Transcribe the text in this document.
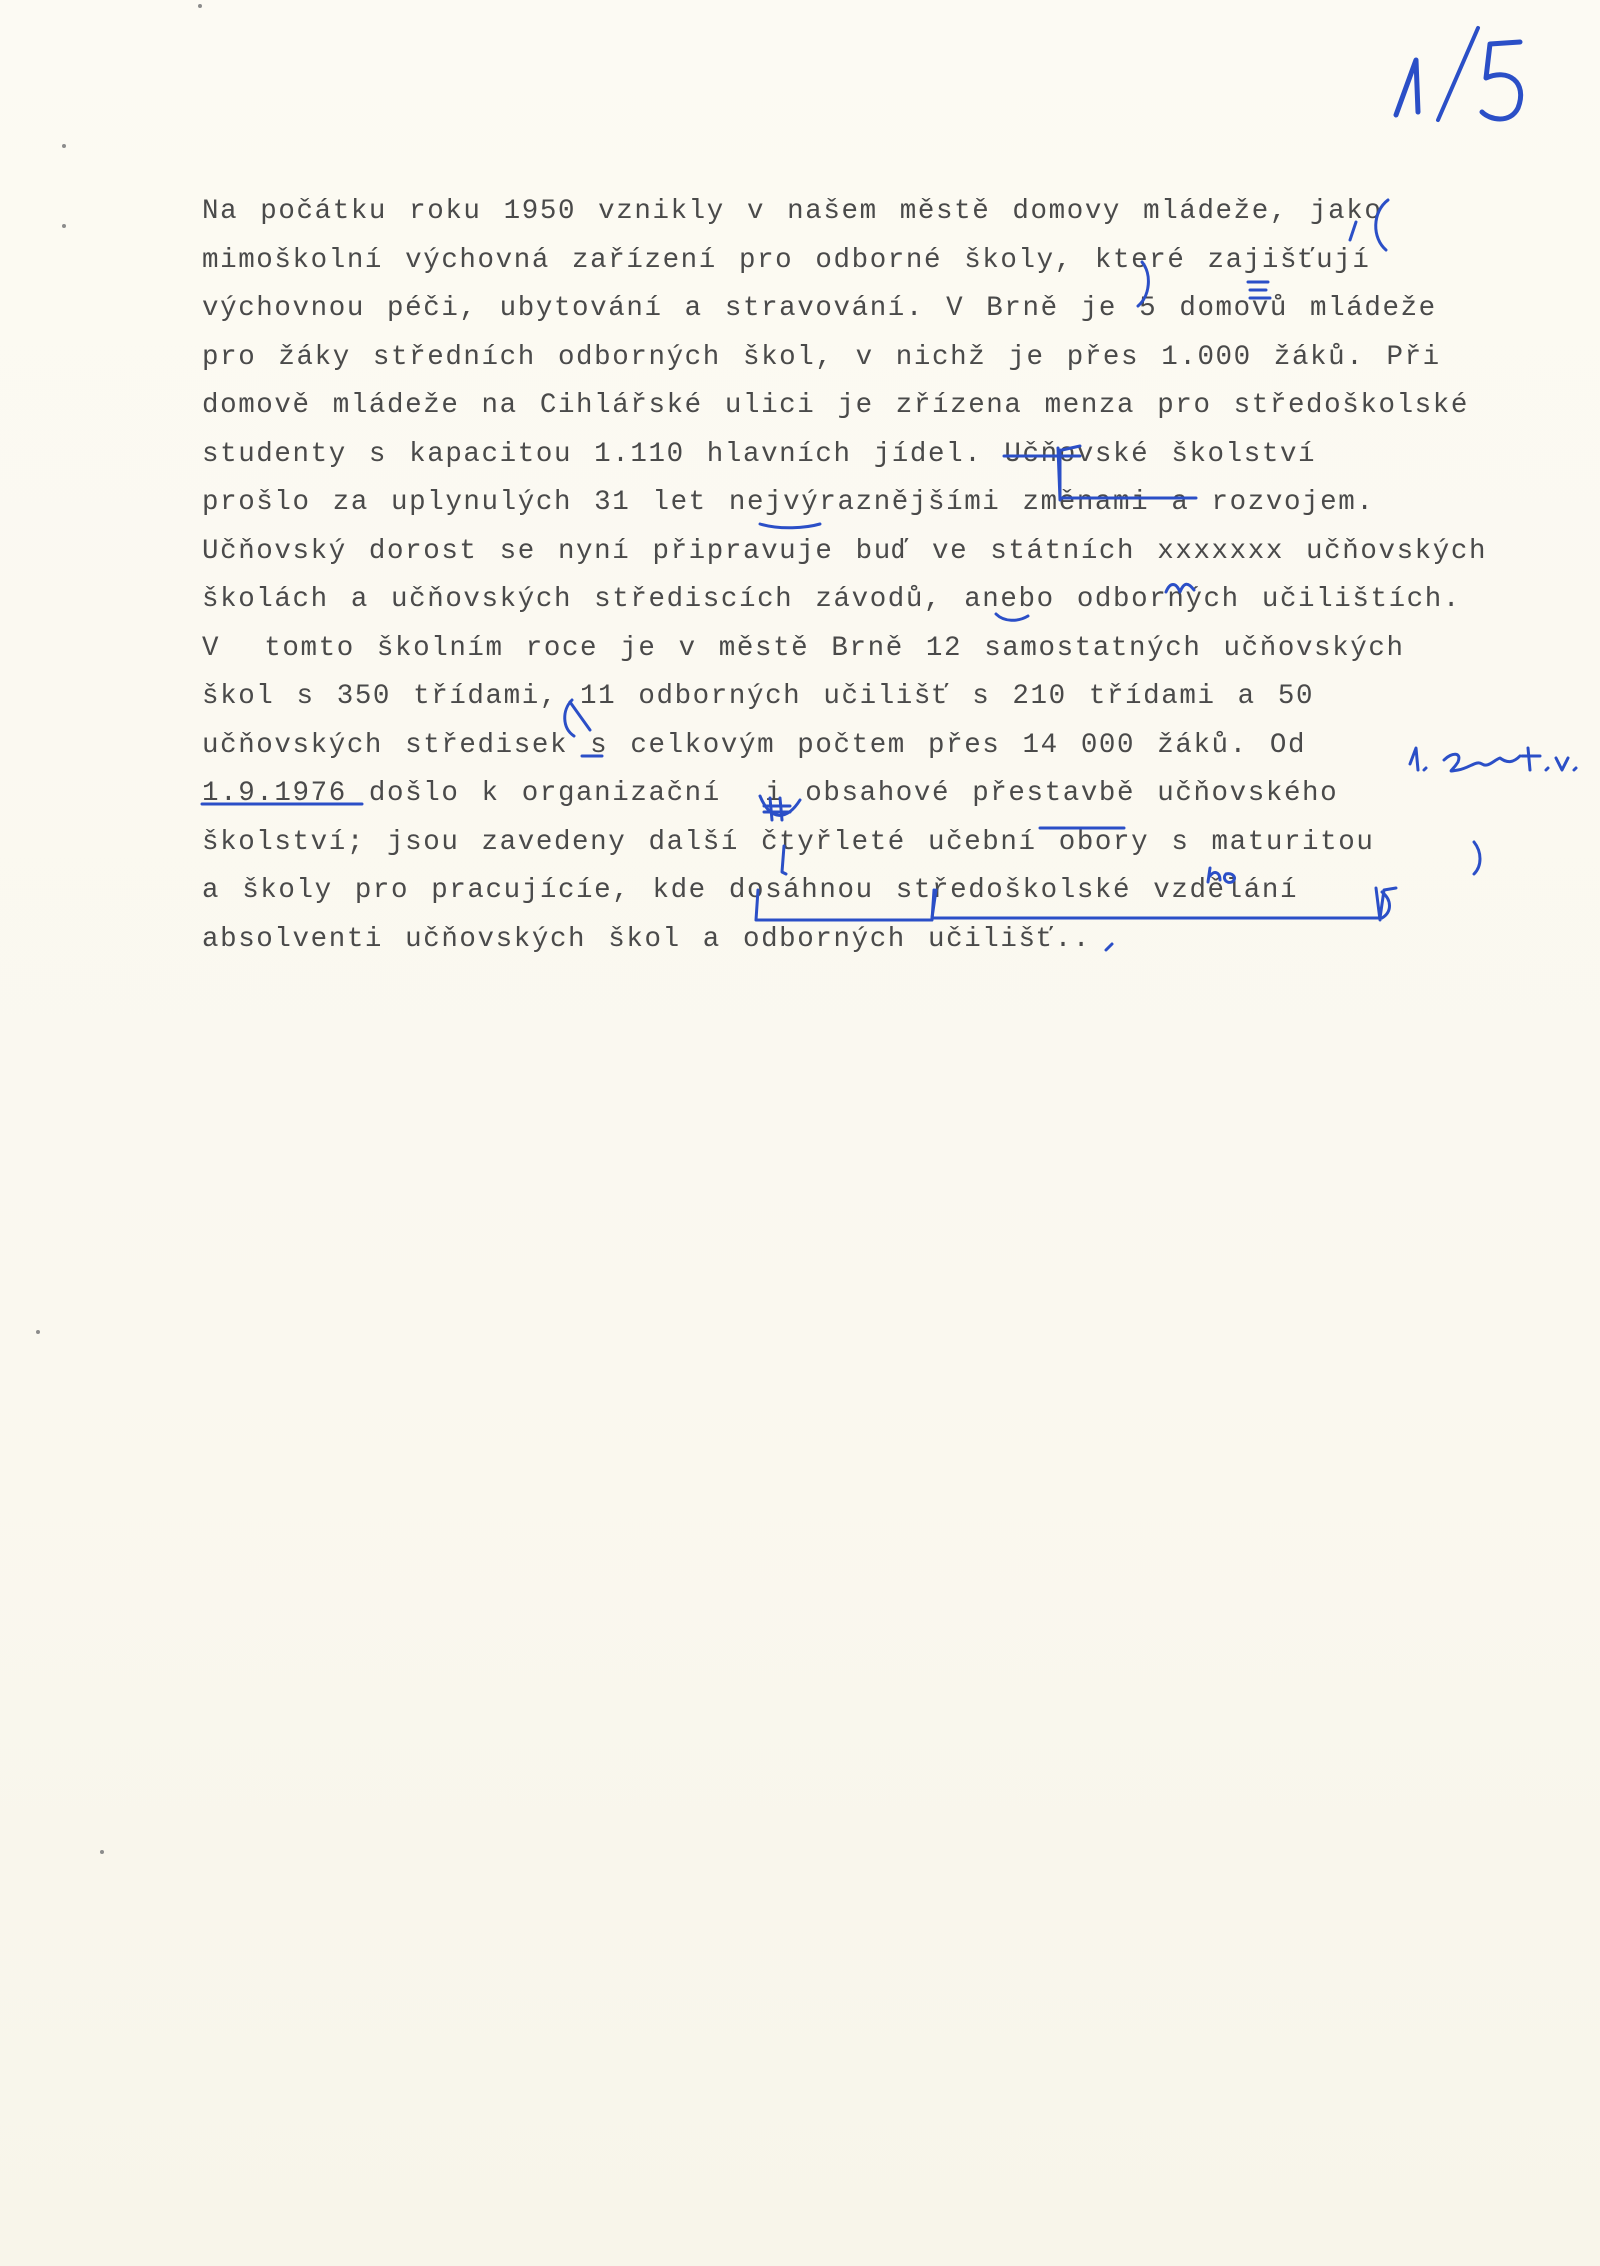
Na počátku roku 1950 vznikly v našem městě domovy mládeže, jako
mimoškolní výchovná zařízení pro odborné školy, které zajišťují
výchovnou péči, ubytování a stravování. V Brně je 5 domovů mládeže
pro žáky středních odborných škol, v nichž je přes 1.000 žáků. Při
domově mládeže na Cihlářské ulici je zřízena menza pro středoškolské
studenty s kapacitou 1.110 hlavních jídel. Učňovské školství
prošlo za uplynulých 31 let nejvýraznějšími změnami a rozvojem.
Učňovský dorost se nyní připravuje buď ve státních xxxxxxx učňovských
školách a učňovských střediscích závodů, anebo odborných učilištích.
V  tomto školním roce je v městě Brně 12 samostatných učňovských
škol s 350 třídami, 11 odborných učilišť s 210 třídami a 50
učňovských středisek s celkovým počtem přes 14 000 žáků. Od
1.9.1976 došlo k organizační  i obsahové přestavbě učňovského
školství; jsou zavedeny další čtyřleté učební obory s maturitou
a školy pro pracujícíe, kde dosáhnou středoškolské vzdělání
absolventi učňovských škol a odborných učilišť..
